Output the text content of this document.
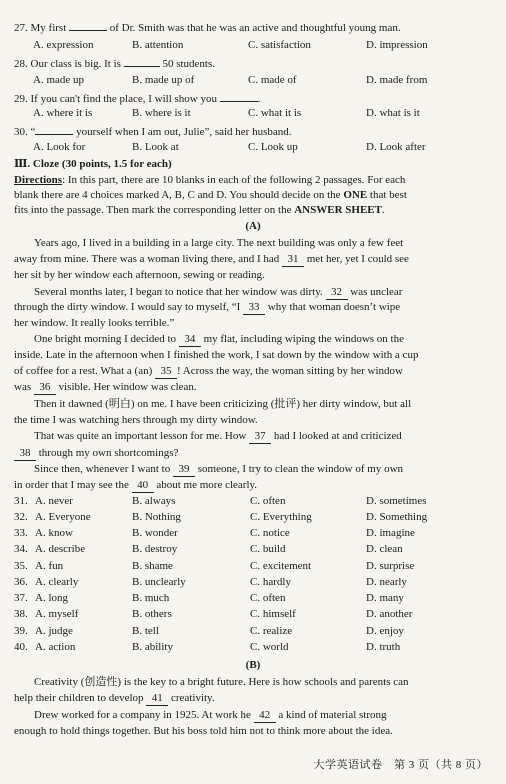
27. My first	of Dr. Smith was that he was an active and thoughtful young man.
A. expression	B. attention	C. satisfaction	D. impression
28. Our class is big. It is	50 students.
A. made up	B. made up of	C. made of	D. made from
29. If you can't find the place, I will show you	.
A. where it is	B. where is it	C. what it is	D. what is it
30. “	yourself when I am out, Julie”, said her husband.
A. Look for	B. Look at	C. Look up	D. Look after
Ⅲ. Cloze (30 points, 1.5 for each)
Directions: In this part, there are 10 blanks in each of the following 2 passages. For each
blank there are 4 choices marked A, B, C and D. You should decide on the ONE that best
fits into the passage. Then mark the corresponding letter on the ANSWER SHEET.
(A)
Years ago, I lived in a building in a large city. The next building was only a few feet
away from mine. There was a woman living there, and I had 31 met her, yet I could see
her sit by her window each afternoon, sewing or reading.
Several months later, I began to notice that her window was dirty. 32 was unclear
through the dirty window. I would say to myself, “I 33 why that woman doesn’t wipe
her window. It really looks terrible.”
One bright morning I decided to 34 my flat, including wiping the windows on the
inside. Late in the afternoon when I finished the work, I sat down by the window with a cup
of coffee for a rest. What a (an) 35 ! Across the way, the woman sitting by her window
was 36 visible. Her window was clean.
Then it dawned (明白) on me. I have been criticizing (批评) her dirty window, but all
the time I was watching hers through my dirty window.
That was quite an important lesson for me. How 37 had I looked at and criticized
38 through my own shortcomings?
Since then, whenever I want to 39 someone, I try to clean the window of my own
in order that I may see the 40 about me more clearly.
31. A. never	B. always	C. often	D. sometimes
32. A. Everyone	B. Nothing	C. Everything	D. Something
33. A. know	B. wonder	C. notice	D. imagine
34. A. describe	B. destroy	C. build	D. clean
35. A. fun	B. shame	C. excitement	D. surprise
36. A. clearly	B. unclearly	C. hardly	D. nearly
37. A. long	B. much	C. often	D. many
38. A. myself	B. others	C. himself	D. another
39. A. judge	B. tell	C. realize	D. enjoy
40. A. action	B. ability	C. world	D. truth
(B)
Creativity (创造性) is the key to a bright future. Here is how schools and parents can
help their children to develop 41 creativity.
Drew worked for a company in 1925. At work he 42 a kind of material strong
enough to hold things together. But his boss told him not to think more about the idea.
大学英语试卷　第 3 页（共 8 页）
